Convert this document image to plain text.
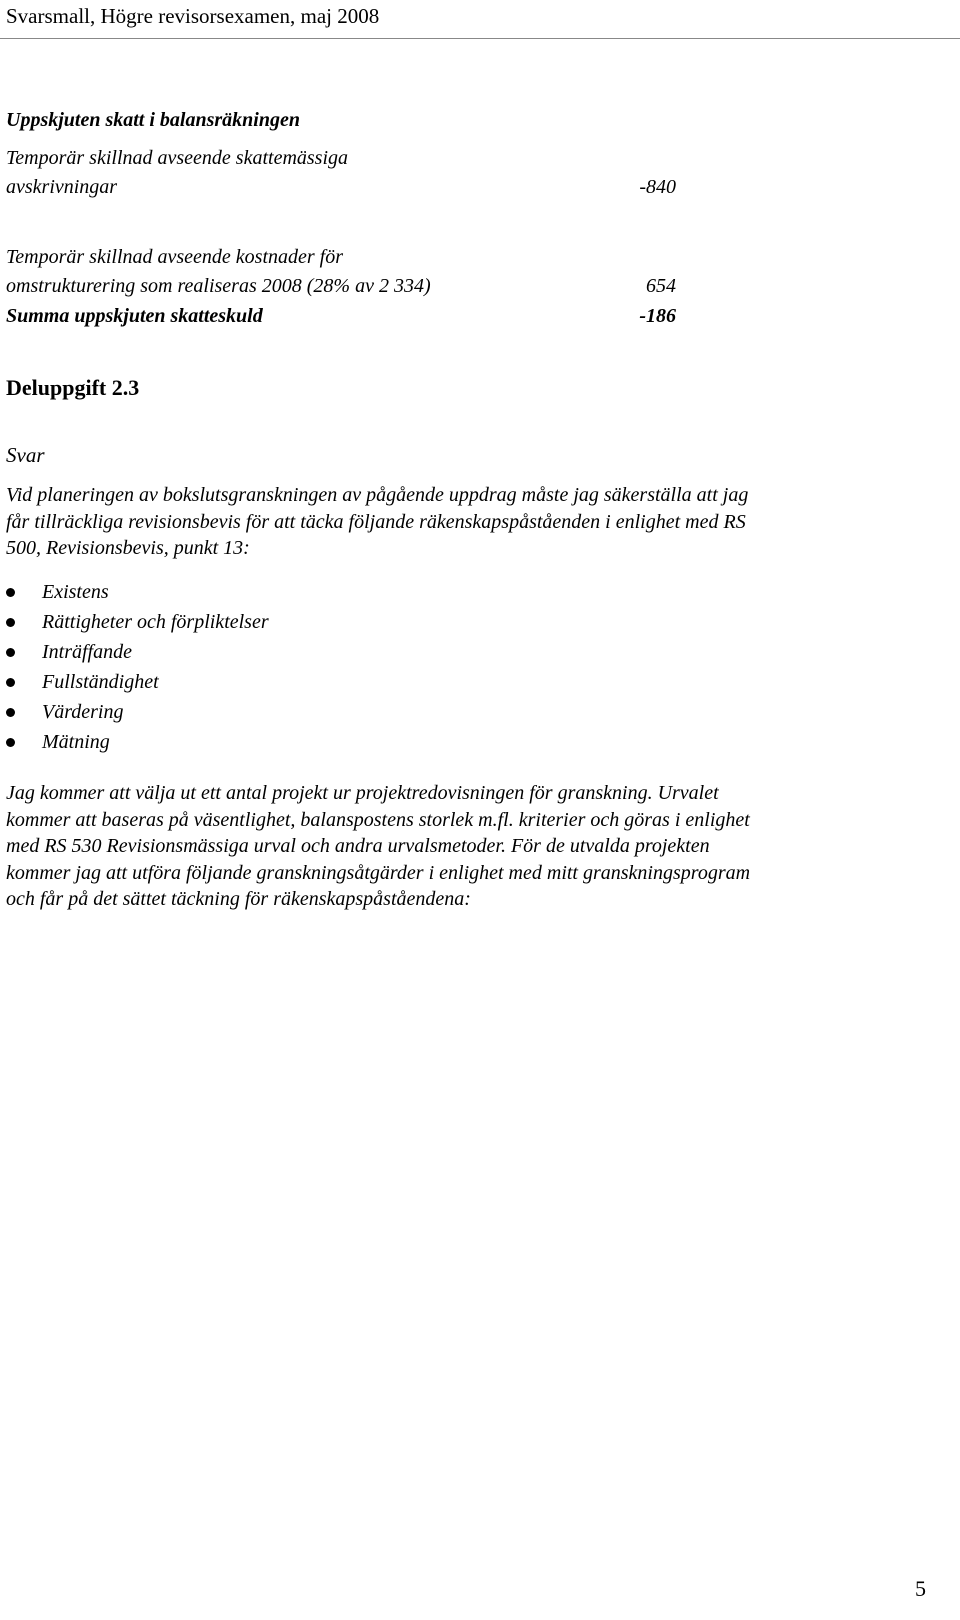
Svarsmall, Högre revisorsexamen, maj 2008
Uppskjuten skatt i balansräkningen
Temporär skillnad avseende skattemässiga
avskrivningar	-840
Temporär skillnad avseende kostnader för
omstrukturering som realiseras 2008 (28% av 2 334)	654
Summa uppskjuten skatteskuld	-186
Deluppgift 2.3
Svar
Vid planeringen av bokslutsgranskningen av pågående uppdrag måste jag säkerställa att jag
får tillräckliga revisionsbevis för att täcka följande räkenskapspåståenden i enlighet med RS
500, Revisionsbevis, punkt 13:
Existens
Rättigheter och förpliktelser
Inträffande
Fullständighet
Värdering
Mätning
Jag kommer att välja ut ett antal projekt ur projektredovisningen för granskning. Urvalet
kommer att baseras på väsentlighet, balanspostens storlek m.fl. kriterier och göras i enlighet
med RS 530 Revisionsmässiga urval och andra urvalsmetoder. För de utvalda projekten
kommer jag att utföra följande granskningsåtgärder i enlighet med mitt granskningsprogram
och får på det sättet täckning för räkenskapspåståendena:
5
